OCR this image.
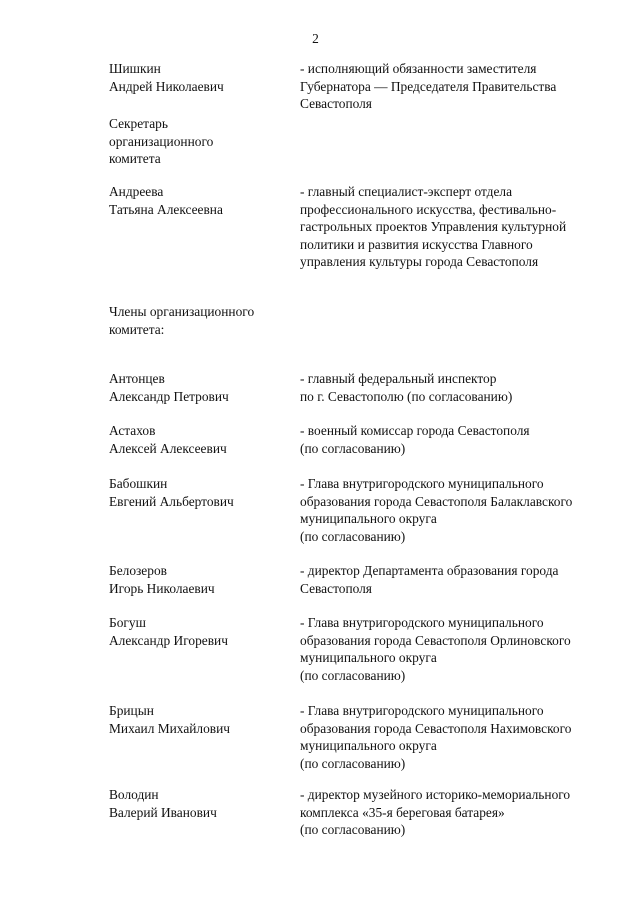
2
Шишкин
Андрей Николаевич
- исполняющий обязанности заместителя
Губернатора — Председателя Правительства
Севастополя
Секретарь
организационного
комитета
Андреева
Татьяна Алексеевна
- главный специалист-эксперт отдела
профессионального искусства, фестивально-
гастрольных проектов Управления культурной
политики и развития искусства Главного
управления культуры города Севастополя
Члены организационного
комитета:
Антонцев
Александр Петрович
- главный федеральный инспектор
по г. Севастополю (по согласованию)
Астахов
Алексей Алексеевич
- военный комиссар города Севастополя
(по согласованию)
Бабошкин
Евгений Альбертович
- Глава внутригородского муниципального
образования города Севастополя Балаклавского
муниципального округа
(по согласованию)
Белозеров
Игорь Николаевич
- директор Департамента образования города
Севастополя
Богуш
Александр Игоревич
- Глава внутригородского муниципального
образования города Севастополя Орлиновского
муниципального округа
(по согласованию)
Брицын
Михаил Михайлович
- Глава внутригородского муниципального
образования города Севастополя Нахимовского
муниципального округа
(по согласованию)
Володин
Валерий Иванович
- директор музейного историко-мемориального
комплекса «35-я береговая батарея»
(по согласованию)
